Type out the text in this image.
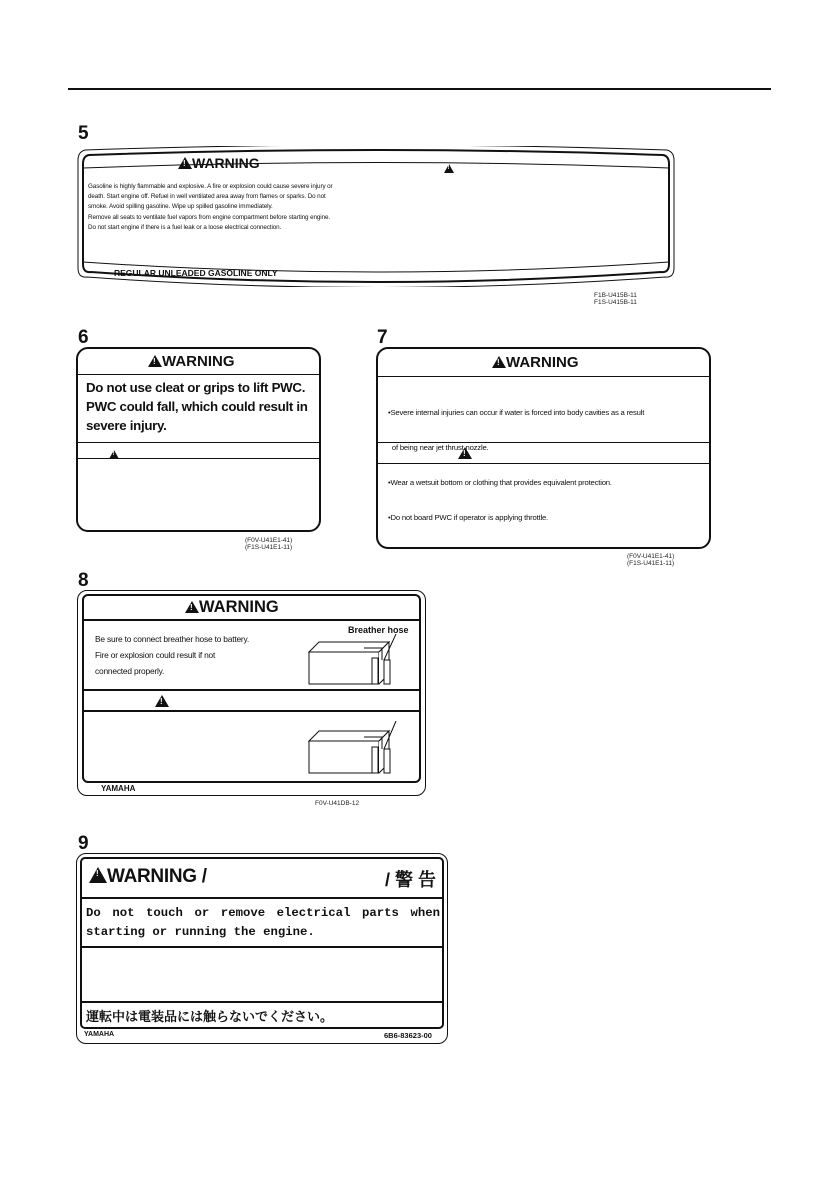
5
!WARNING
!
Gasoline is highly flammable and explosive. A fire or explosion could cause severe injury or
death. Start engine off. Refuel in well ventilated area away from flames or sparks. Do not
smoke. Avoid spilling gasoline. Wipe up spilled gasoline immediately.
Remove all seats to ventilate fuel vapors from engine compartment before starting engine.
Do not start engine if there is a fuel leak or a loose electrical connection.
REGULAR UNLEADED GASOLINE ONLY
F1B-U415B-11
F1S-U415B-11
6
!WARNING
Do not use cleat or grips to lift PWC.
PWC could fall, which could result in
severe injury.
!
(F0V-U41E1-41)
(F1S-U41E1-11)
7
!WARNING

•Severe internal injuries can occur if water is forced into body cavities as a result

of being near jet thrust nozzle.

•Wear a wetsuit bottom or clothing that provides equivalent protection.

•Do not board PWC if operator is applying throttle.

!
(F0V-U41E1-41)
(F1S-U41E1-11)
8
!WARNING
Be sure to connect breather hose to battery.
Fire or explosion could result if not
connected properly.
Breather hose
!
YAMAHA
F0V-U41DB-12
9
!WARNING /	/ 警 告
Do not touch or remove electrical parts when
starting or running the engine.
運転中は電装品には触らないでください。
YAMAHA	6B6-83623-00
